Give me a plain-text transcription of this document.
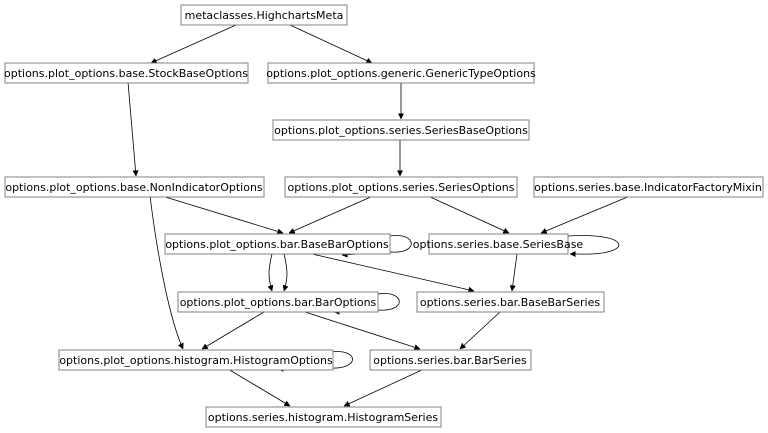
metaclasses.HighchartsMeta
options.plot_options.base.StockBaseOptions options.plot_options.generic.GenericTypeOptions
options.plot_options.series.SeriesBaseOptions
options.plot_options.base.NonIndicatorOptions options.plot_options.series.SeriesOptions options.series.base.IndicatorFactoryMixin
options.plot_options.bar.BaseBarOptions options.series.base.SeriesBase
options.plot_options.bar.BarOptions	options.series.bar.BaseBarSeries
options.plot_options.histogram.HistogramOptions	options.series.bar.BarSeries
options.series.histogram.HistogramSeries
